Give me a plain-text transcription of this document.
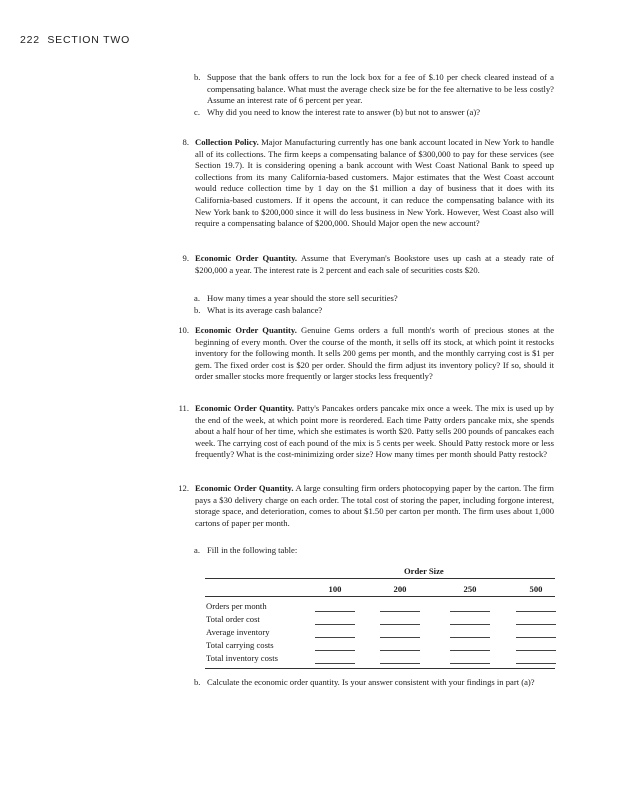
222 SECTION TWO
b. Suppose that the bank offers to run the lock box for a fee of $.10 per check cleared instead of a compensating balance. What must the average check size be for the fee alternative to be less costly? Assume an interest rate of 6 percent per year.
c. Why did you need to know the interest rate to answer (b) but not to answer (a)?
8. Collection Policy. Major Manufacturing currently has one bank account located in New York to handle all of its collections. The firm keeps a compensating balance of $300,000 to pay for these services (see Section 19.7). It is considering opening a bank account with West Coast National Bank to speed up collections from its many California-based customers. Major estimates that the West Coast account would reduce collection time by 1 day on the $1 million a day of business that it does with its California-based customers. If it opens the account, it can reduce the compensating balance with its New York bank to $200,000 since it will do less business in New York. However, West Coast also will require a compensating balance of $200,000. Should Major open the new account?
9. Economic Order Quantity. Assume that Everyman's Bookstore uses up cash at a steady rate of $200,000 a year. The interest rate is 2 percent and each sale of securities costs $20.
a. How many times a year should the store sell securities?
b. What is its average cash balance?
10. Economic Order Quantity. Genuine Gems orders a full month's worth of precious stones at the beginning of every month. Over the course of the month, it sells off its stock, at which point it restocks inventory for the following month. It sells 200 gems per month, and the monthly carrying cost is $1 per gem. The fixed order cost is $20 per order. Should the firm adjust its inventory policy? If so, should it order smaller stocks more frequently or larger stocks less frequently?
11. Economic Order Quantity. Patty's Pancakes orders pancake mix once a week. The mix is used up by the end of the week, at which point more is reordered. Each time Patty orders pancake mix, she spends about a half hour of her time, which she estimates is worth $20. Patty sells 200 pounds of pancakes each week. The carrying cost of each pound of the mix is 5 cents per week. Should Patty restock more or less frequently? What is the cost-minimizing order size? How many times per month should Patty restock?
12. Economic Order Quantity. A large consulting firm orders photocopying paper by the carton. The firm pays a $30 delivery charge on each order. The total cost of storing the paper, including forgone interest, storage space, and deterioration, comes to about $1.50 per carton per month. The firm uses about 1,000 cartons of paper per month.
a. Fill in the following table:
Order Size
100	200	250	500
Orders per month
Total order cost
Average inventory
Total carrying costs
Total inventory costs
b. Calculate the economic order quantity. Is your answer consistent with your findings in part (a)?
